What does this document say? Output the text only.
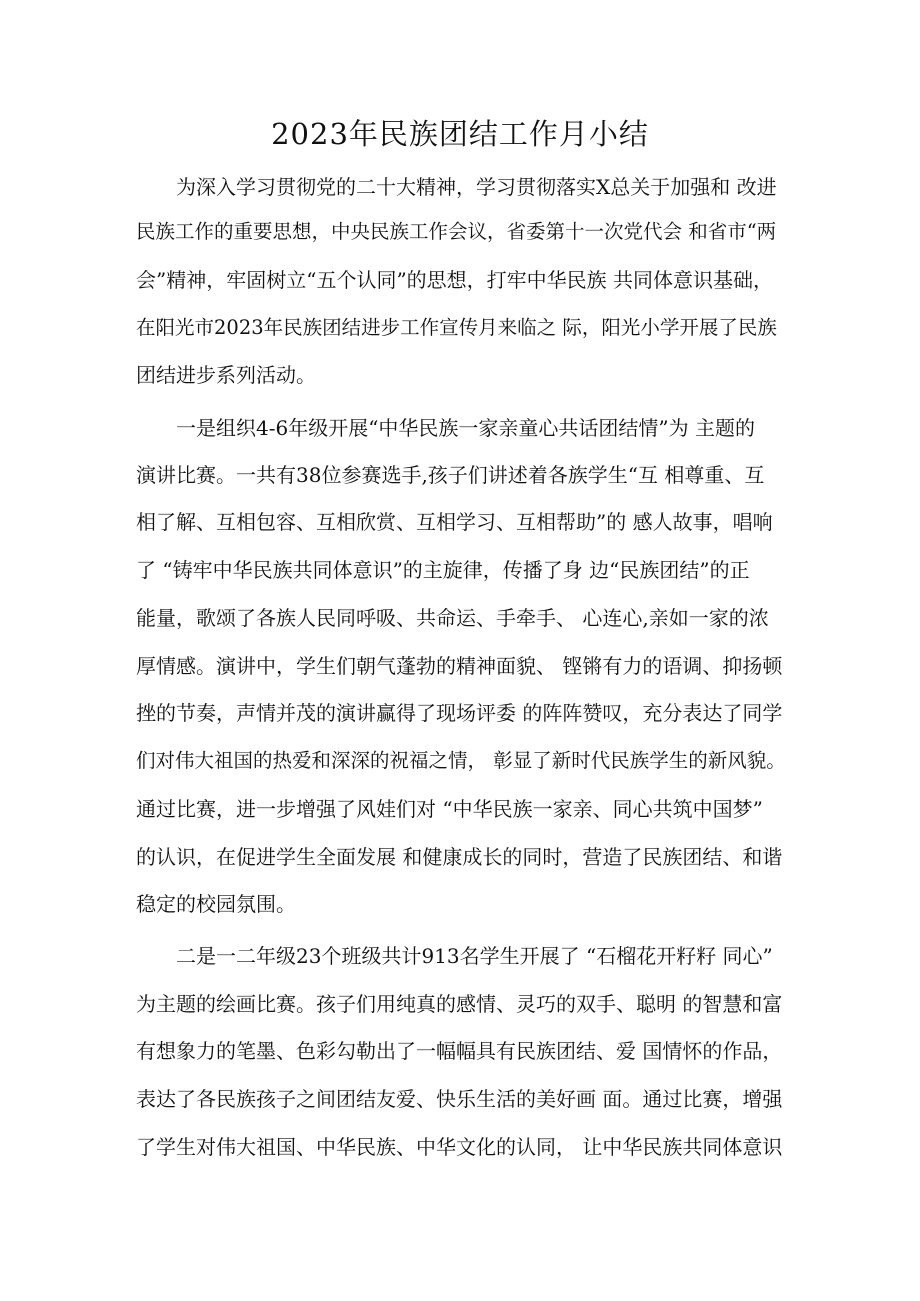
2023年民族团结工作月小结
为深入学习贯彻党的二十大精神，学习贯彻落实X总关于加强和 改进
民族工作的重要思想，中央民族工作会议，省委第十一次党代会 和省市“两
会”精神，牢固树立“五个认同”的思想，打牢中华民族 共同体意识基础，
在阳光市2023年民族团结进步工作宣传月来临之 际，阳光小学开展了民族
团结进步系列活动。
一是组织4-6年级开展“中华民族一家亲童心共话团结情”为 主题的
演讲比赛。一共有38位参赛选手,孩子们讲述着各族学生“互 相尊重、互
相了解、互相包容、互相欣赏、互相学习、互相帮助”的 感人故事，唱响
了 “铸牢中华民族共同体意识”的主旋律，传播了身 边“民族团结”的正
能量，歌颂了各族人民同呼吸、共命运、手牵手、 心连心,亲如一家的浓
厚情感。演讲中，学生们朝气蓬勃的精神面貌、 铿锵有力的语调、抑扬顿
挫的节奏，声情并茂的演讲赢得了现场评委 的阵阵赞叹，充分表达了同学
们对伟大祖国的热爱和深深的祝福之情， 彰显了新时代民族学生的新风貌。
通过比赛，进一步增强了风娃们对 “中华民族一家亲、同心共筑中国梦”
的认识，在促进学生全面发展 和健康成长的同时，营造了民族团结、和谐
稳定的校园氛围。
二是一二年级23个班级共计913名学生开展了 “石榴花开籽籽 同心”
为主题的绘画比赛。孩子们用纯真的感情、灵巧的双手、聪明 的智慧和富
有想象力的笔墨、色彩勾勒出了一幅幅具有民族团结、爱 国情怀的作品，
表达了各民族孩子之间团结友爱、快乐生活的美好画 面。通过比赛，增强
了学生对伟大祖国、中华民族、中华文化的认同， 让中华民族共同体意识
